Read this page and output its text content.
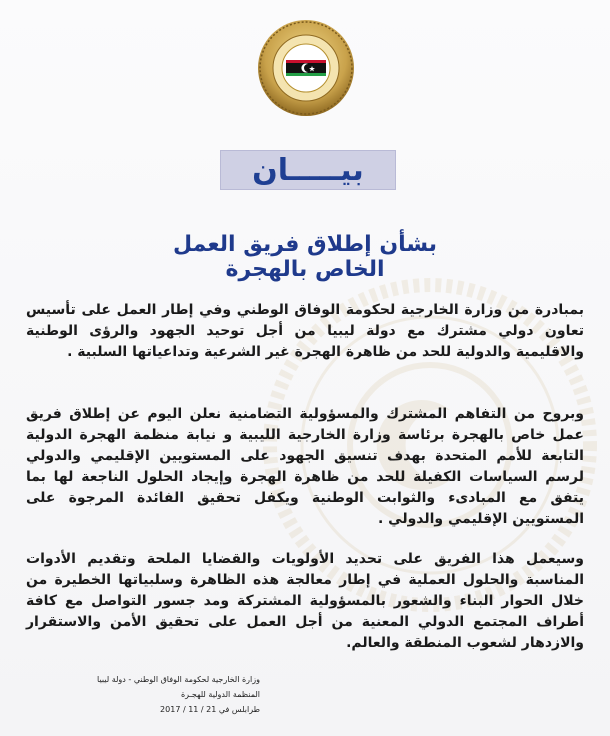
بيـــــان
بشأن إطلاق فريق العمل الخاص بالهجرة

بمبادرة من وزارة الخارجية لحكومة الوفاق الوطني وفي إطار العمل على تأسيس تعاون دولي مشترك مع دولة ليبيا من أجل توحيد الجهود والرؤى الوطنية والاقليمية والدولية للحد من ظاهرة الهجرة غير الشرعية وتداعياتها السلبية .

وبروح من التفاهم المشترك والمسؤولية التضامنية نعلن اليوم عن إطلاق فريق عمل خاص بالهجرة برئاسة وزارة الخارجية الليبية و نيابة منظمة الهجرة الدولية التابعة للأمم المتحدة بهدف تنسيق الجهود على المستويين الإقليمي والدولي لرسم السياسات الكفيلة للحد من ظاهرة الهجرة وإيجاد الحلول الناجعة لها بما يتفق مع المبادىء والثوابت الوطنية ويكفل تحقيق الفائدة المرجوة على المستويين الإقليمي والدولي .

وسيعمل هذا الفريق على تحديد الأولويات والقضايا الملحة وتقديم الأدوات المناسبة والحلول العملية في إطار معالجة هذه الظاهرة وسلبياتها الخطيرة من خلال الحوار البناء والشعور بالمسؤولية المشتركة ومد جسور التواصل مع كافة أطراف المجتمع الدولي المعنية من أجل العمل على تحقيق الأمن والاستقرار والازدهار لشعوب المنطقة والعالم.

وزارة الخارجية لحكومة الوفاق الوطني - دولة ليبيا
المنظمة الدولية للهجـرة
طرابلس في 21 / 11 / 2017
